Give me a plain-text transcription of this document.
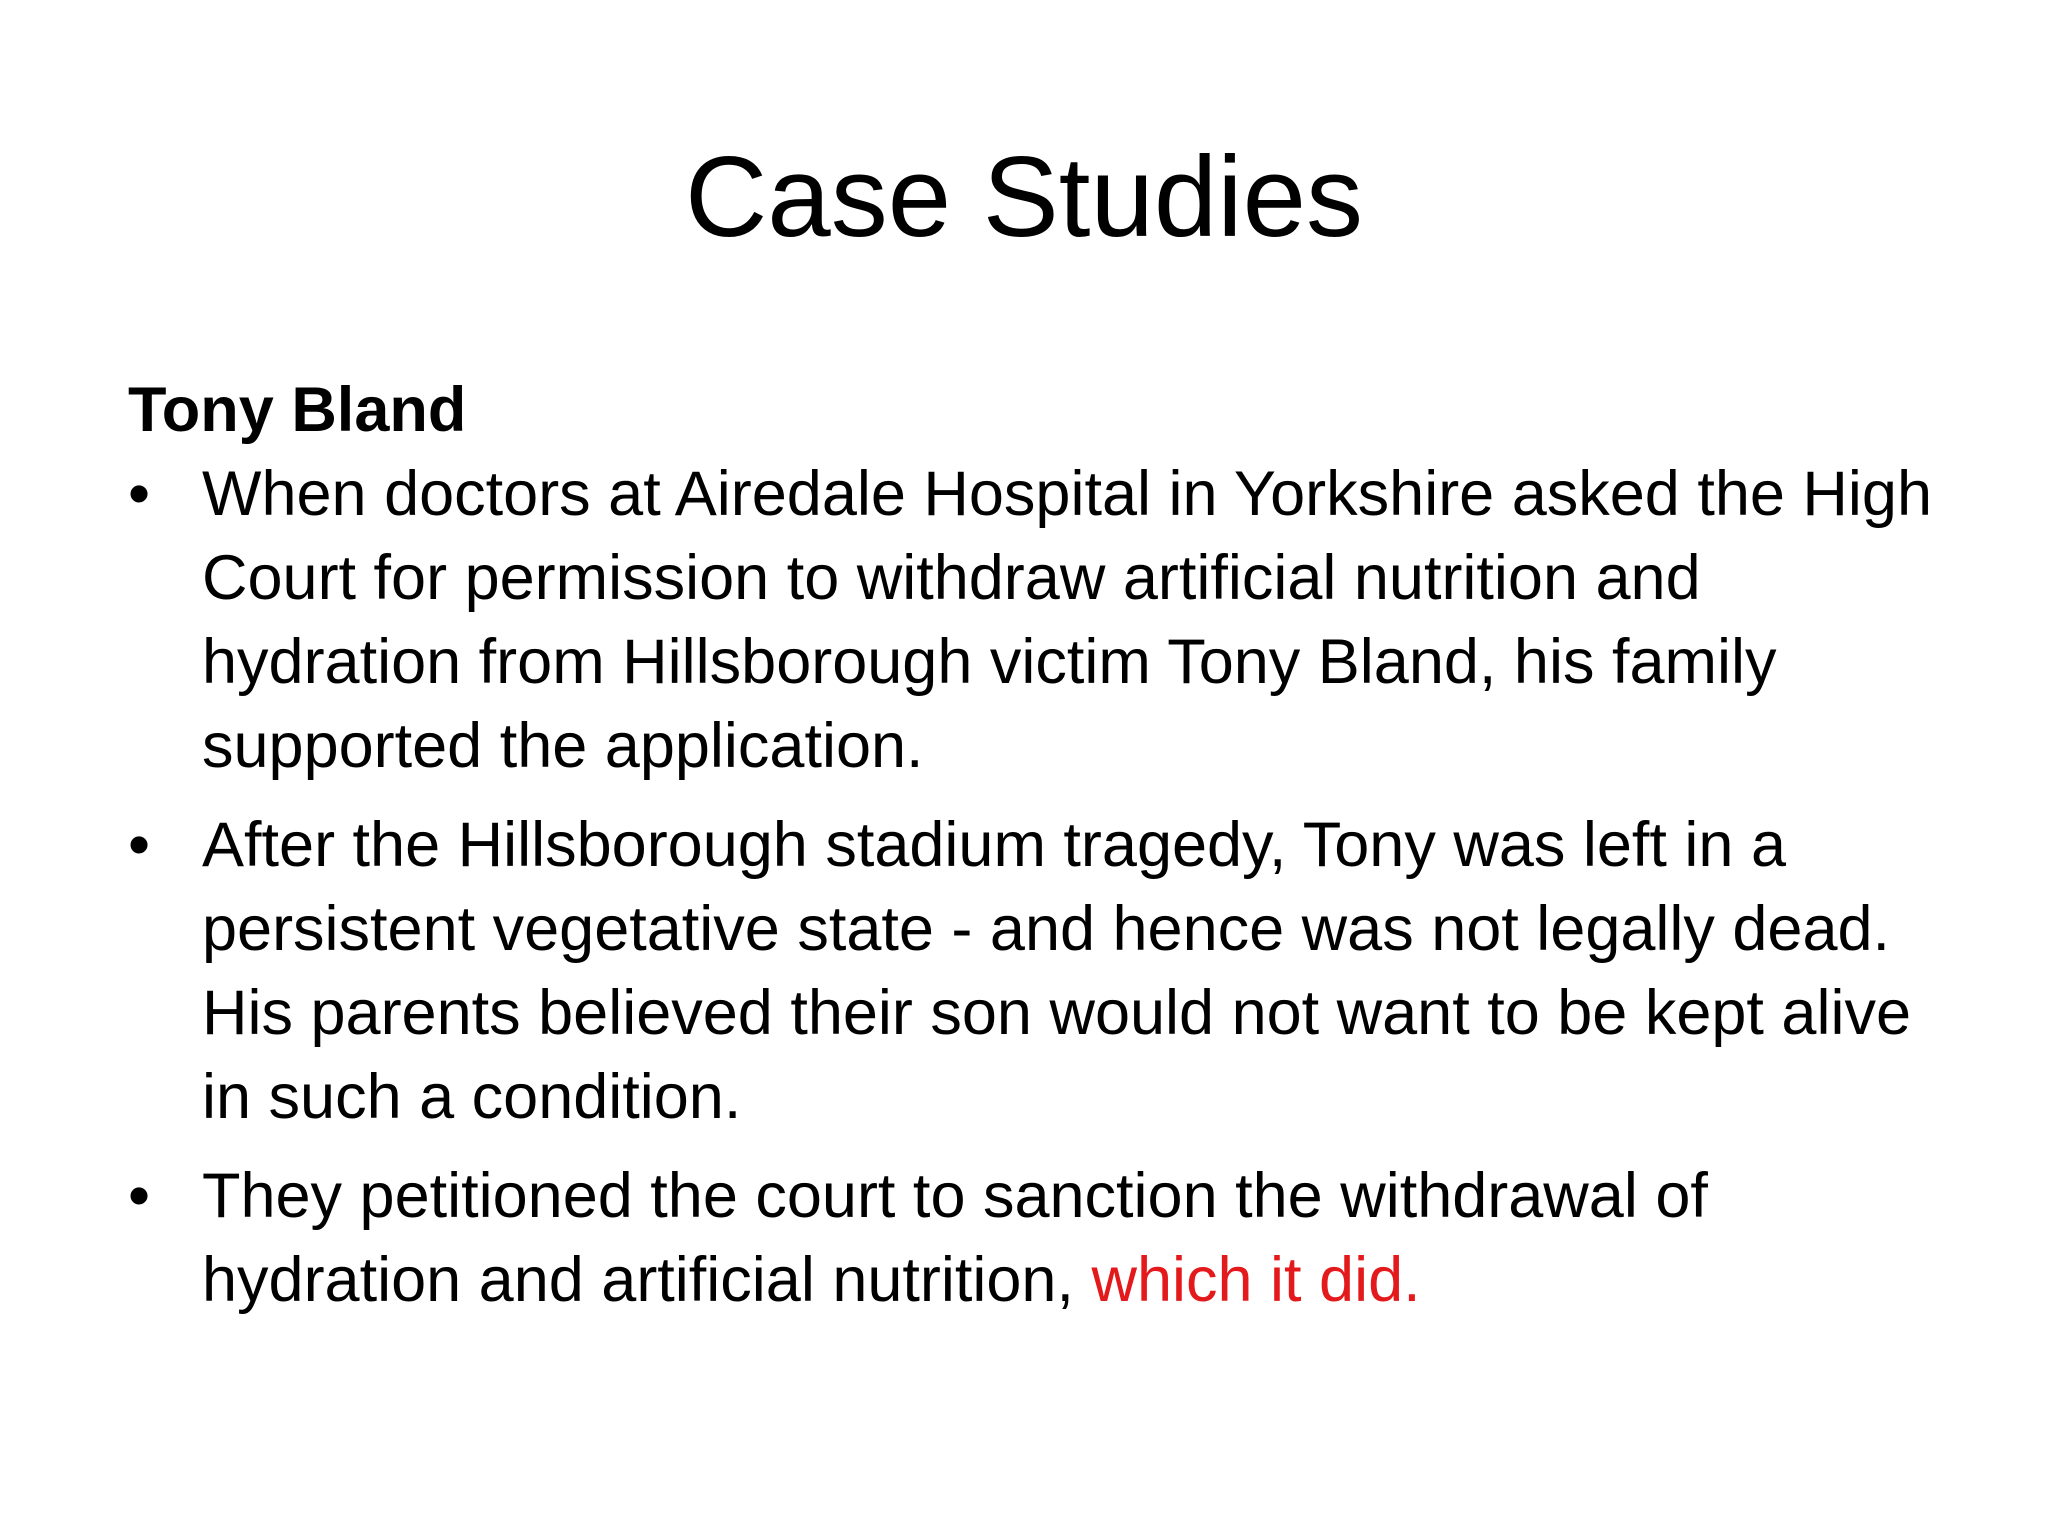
Case Studies
Tony Bland
• When doctors at Airedale Hospital in Yorkshire asked the High Court for permission to withdraw artificial nutrition and hydration from Hillsborough victim Tony Bland, his family supported the application.
• After the Hillsborough stadium tragedy, Tony was left in a persistent vegetative state - and hence was not legally dead. His parents believed their son would not want to be kept alive in such a condition.
• They petitioned the court to sanction the withdrawal of hydration and artificial nutrition, which it did.
